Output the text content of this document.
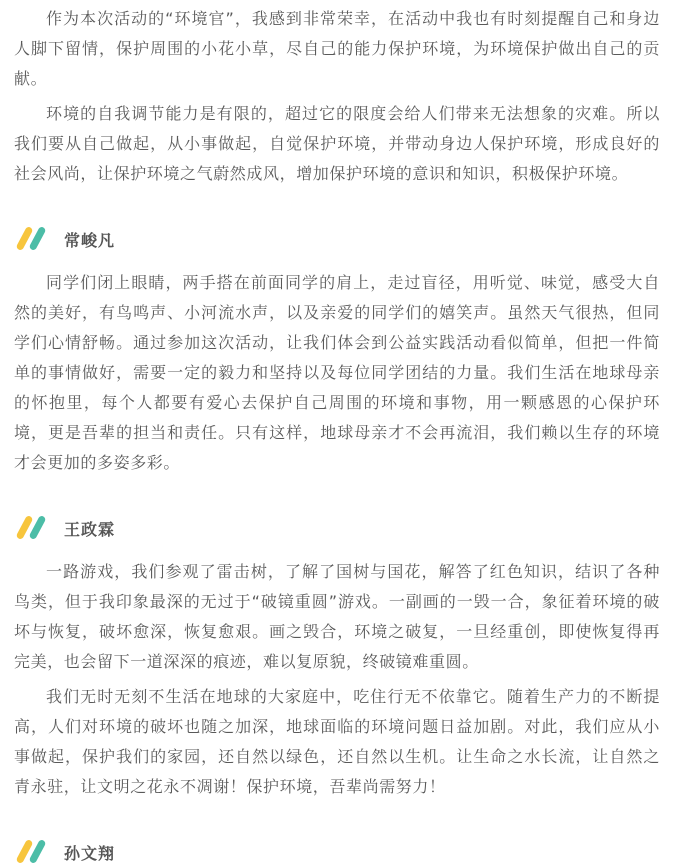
作为本次活动的“环境官”，我感到非常荣幸，在活动中我也有时刻提醒自己和身边人脚下留情，保护周围的小花小草，尽自己的能力保护环境，为环境保护做出自己的贡献。

环境的自我调节能力是有限的，超过它的限度会给人们带来无法想象的灾难。所以我们要从自己做起，从小事做起，自觉保护环境，并带动身边人保护环境，形成良好的社会风尚，让保护环境之气蔚然成风，增加保护环境的意识和知识，积极保护环境。

常峻凡

同学们闭上眼睛，两手搭在前面同学的肩上，走过盲径，用听觉、味觉，感受大自然的美好，有鸟鸣声、小河流水声，以及亲爱的同学们的嬉笑声。虽然天气很热，但同学们心情舒畅。通过参加这次活动，让我们体会到公益实践活动看似简单，但把一件简单的事情做好，需要一定的毅力和坚持以及每位同学团结的力量。我们生活在地球母亲的怀抱里，每个人都要有爱心去保护自己周围的环境和事物，用一颗感恩的心保护环境，更是吾辈的担当和责任。只有这样，地球母亲才不会再流泪，我们赖以生存的环境才会更加的多姿多彩。

王政霖

一路游戏，我们参观了雷击树，了解了国树与国花，解答了红色知识，结识了各种鸟类，但于我印象最深的无过于“破镜重圆”游戏。一副画的一毁一合，象征着环境的破坏与恢复，破坏愈深，恢复愈艰。画之毁合，环境之破复，一旦经重创，即使恢复得再完美，也会留下一道深深的痕迹，难以复原貌，终破镜难重圆。

我们无时无刻不生活在地球的大家庭中，吃住行无不依靠它。随着生产力的不断提高，人们对环境的破坏也随之加深，地球面临的环境问题日益加剧。对此，我们应从小事做起，保护我们的家园，还自然以绿色，还自然以生机。让生命之水长流，让自然之青永驻，让文明之花永不凋谢！保护环境，吾辈尚需努力！

孙文翔
